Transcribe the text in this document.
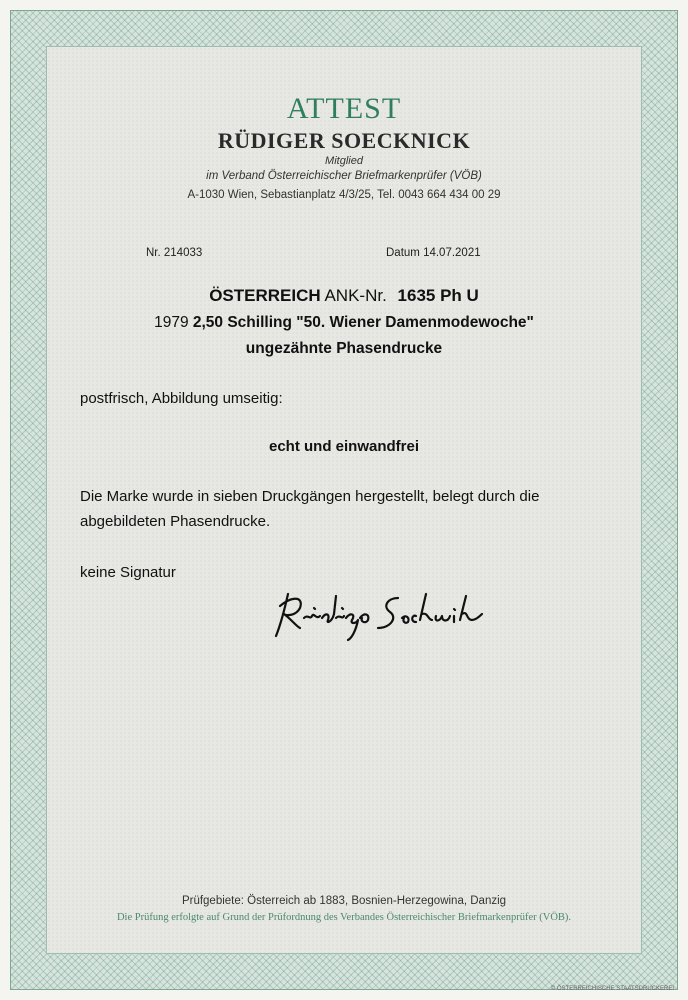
ATTEST
RÜDIGER SOECKNICK
Mitglied
im Verband Österreichischer Briefmarkenprüfer (VÖB)
A-1030 Wien, Sebastianplatz 4/3/25, Tel. 0043 664 434 00 29
Nr. 214033	Datum 14.07.2021
ÖSTERREICH ANK-Nr. 1635 Ph U
1979 2,50 Schilling "50. Wiener Damenmodewoche"
ungezähnte Phasendrucke
postfrisch, Abbildung umseitig:
echt und einwandfrei
Die Marke wurde in sieben Druckgängen hergestellt, belegt durch die
abgebildeten Phasendrucke.
keine Signatur
Prüfgebiete: Österreich ab 1883, Bosnien-Herzegowina, Danzig
Die Prüfung erfolgte auf Grund der Prüfordnung des Verbandes Österreichischer Briefmarkenprüfer (VÖB).
© ÖSTERREICHISCHE STAATSDRUCKEREI
